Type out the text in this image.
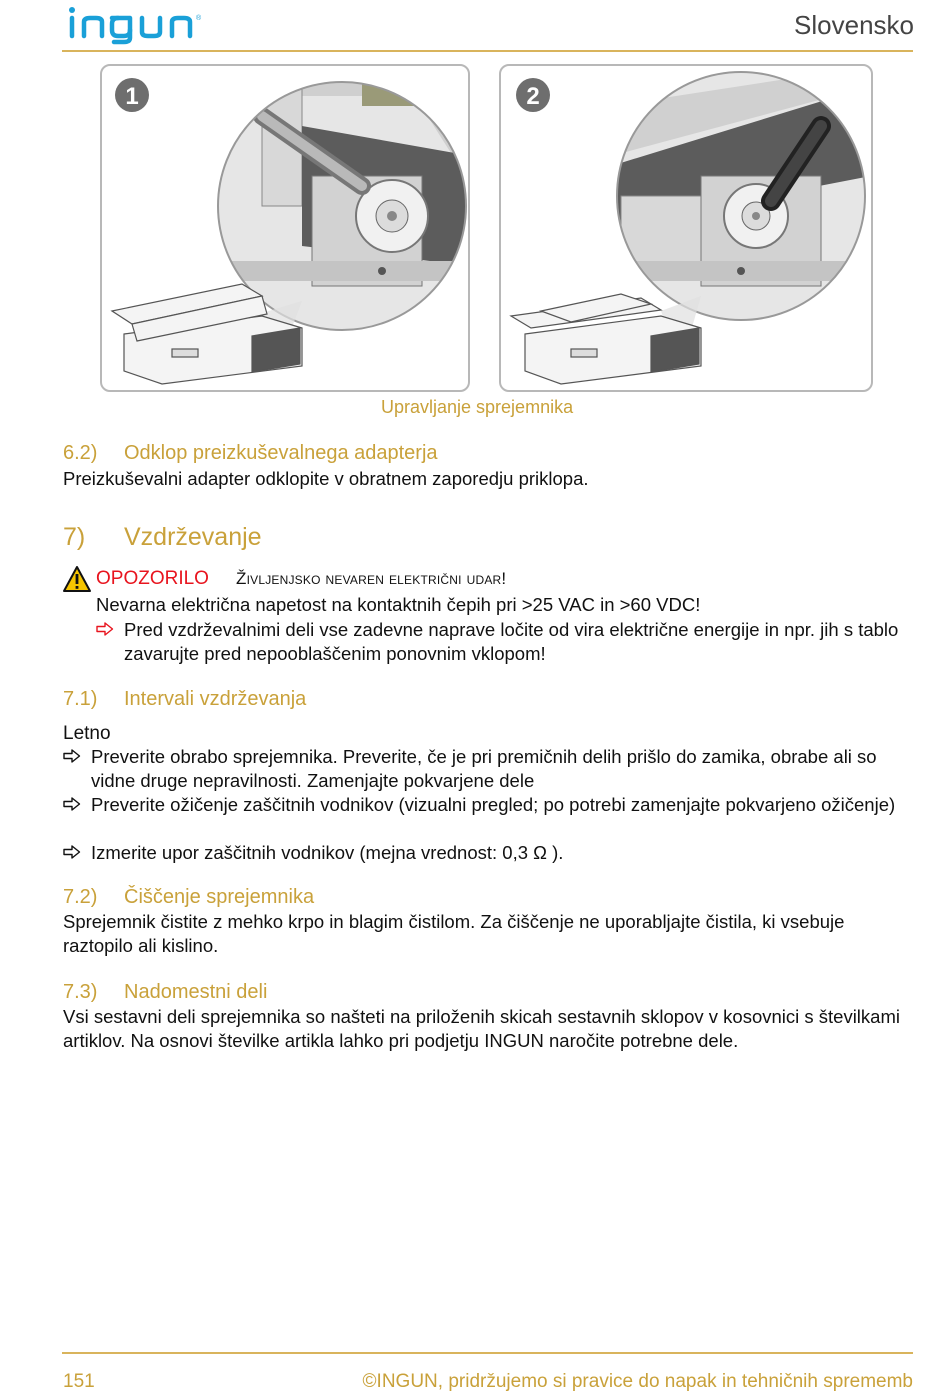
®	Slovensko
1	2
Upravljanje sprejemnika
6.2) Odklop preizkuševalnega adapterja
Preizkuševalni adapter odklopite v obratnem zaporedju priklopa.
7) Vzdrževanje
OPOZORILO Življenjsko nevaren električni udar!
Nevarna električna napetost na kontaktnih čepih pri >25 VAC in >60 VDC!
Pred vzdrževalnimi deli vse zadevne naprave ločite od vira električne energije in npr. jih s tablo zavarujte pred nepooblaščenim ponovnim vklopom!
7.1) Intervali vzdrževanja
Letno
Preverite obrabo sprejemnika. Preverite, če je pri premičnih delih prišlo do zamika, obrabe ali so vidne druge nepravilnosti. Zamenjajte pokvarjene dele
Preverite ožičenje zaščitnih vodnikov (vizualni pregled; po potrebi zamenjajte pokvarjeno ožičenje)
Izmerite upor zaščitnih vodnikov (mejna vrednost: 0,3 Ω ).
7.2) Čiščenje sprejemnika
Sprejemnik čistite z mehko krpo in blagim čistilom. Za čiščenje ne uporabljajte čistila, ki vsebuje raztopilo ali kislino.
7.3) Nadomestni deli
Vsi sestavni deli sprejemnika so našteti na priloženih skicah sestavnih sklopov v kosovnici s številkami artiklov. Na osnovi številke artikla lahko pri podjetju INGUN naročite potrebne dele.
151	©INGUN, pridržujemo si pravice do napak in tehničnih sprememb
